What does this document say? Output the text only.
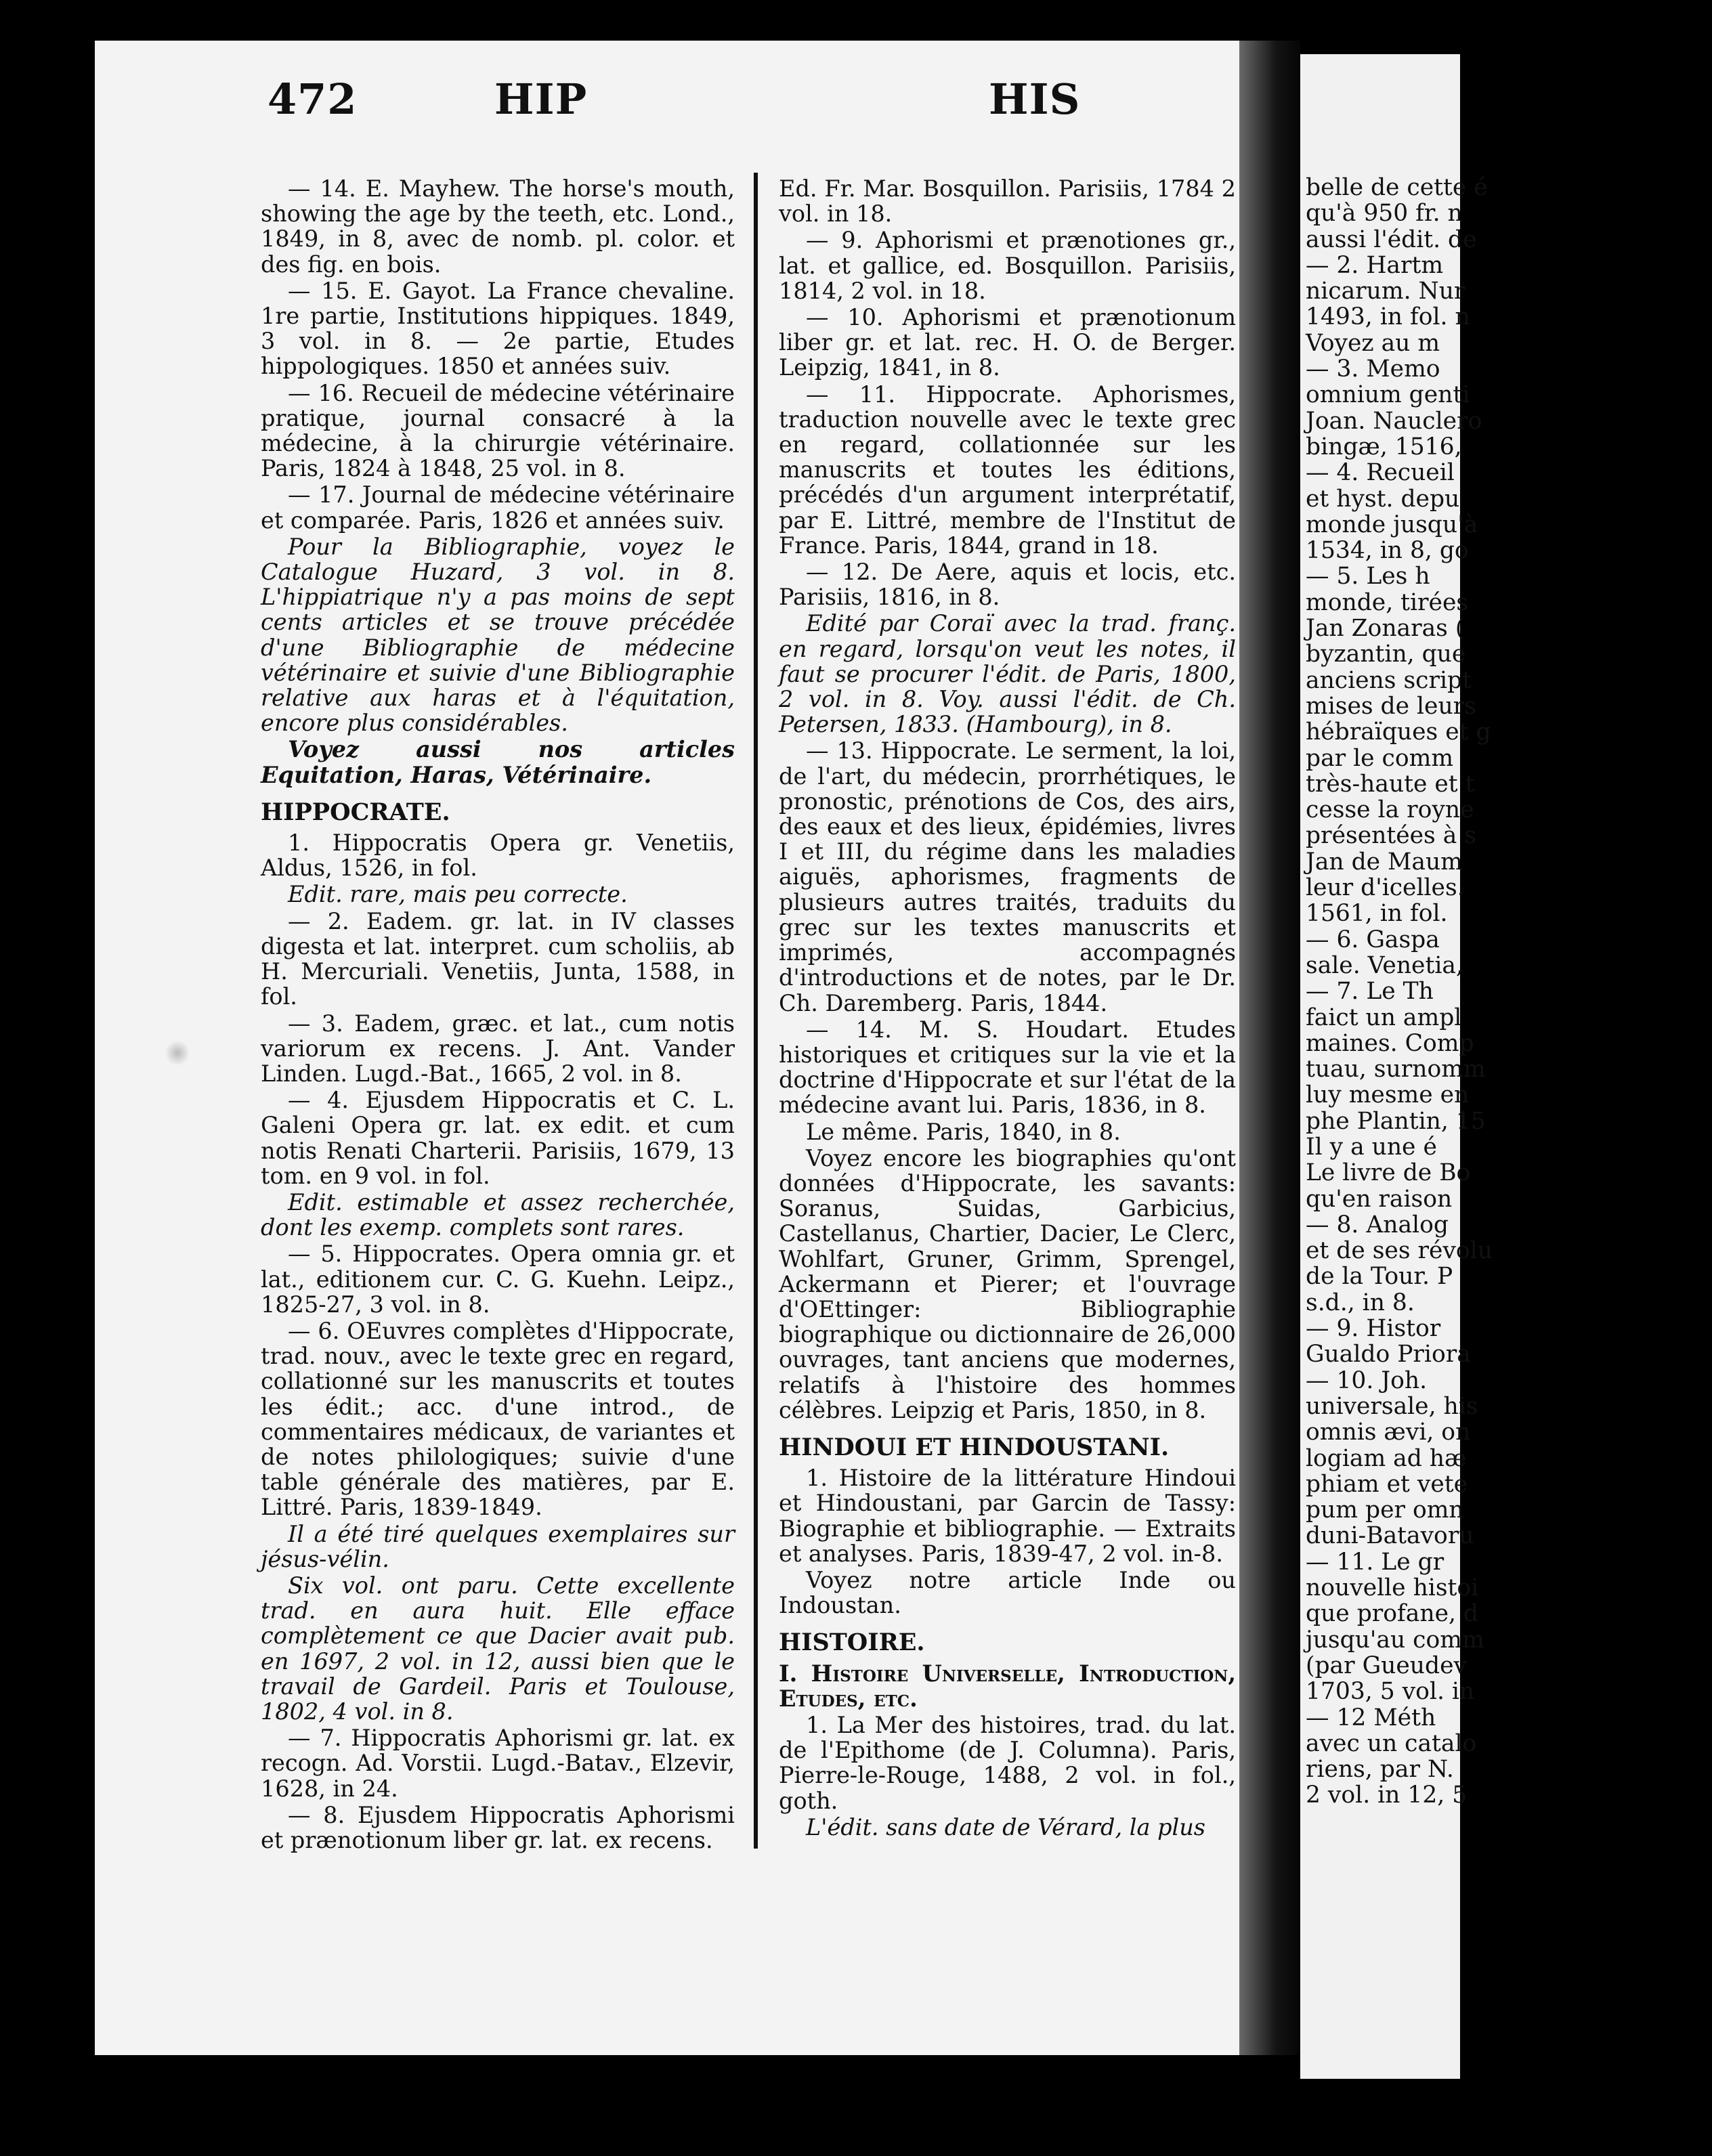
belle de cette é

qu'à 950 fr. n

aussi l'édit. de

— 2. Hartm

nicarum. Nur

1493, in fol. n

Voyez au m

— 3. Memo

omnium genti

Joan. Nauclero

bingæ, 1516,

— 4. Recueil

et hyst. depu

monde jusqu'à

1534, in 8, go

— 5. Les h

monde, tirées

Jan Zonaras (

byzantin, que

anciens script

mises de leurs

hébraïques et g

par le comm

très-haute et t

cesse la royne

présentées à s

Jan de Maum

leur d'icelles.

1561, in fol.

— 6. Gaspa

sale. Venetia,

— 7. Le Th

faict un ampl

maines. Comp

tuau, surnomm

luy mesme en

phe Plantin, 15

Il y a une é

Le livre de Bo

qu'en raison

— 8. Analog

et de ses révolu

de la Tour. P

s.d., in 8.

— 9. Histor

Gualdo Priora

— 10. Joh.

universale, his

omnis ævi, on

logiam ad hæ

phiam et vete

pum per omn

duni-Batavoru

— 11. Le gr

nouvelle histoi

que profane, d

jusqu'au comm

(par Gueudev

1703, 5 vol. in

— 12 Méth

avec un catalo

riens, par N.

2 vol. in 12, 5

472	HIP	HIS

— 14. E. Mayhew. The horse's mouth, showing the age by the teeth, etc. Lond., 1849, in 8, avec de nomb. pl. color. et des fig. en bois.

— 15. E. Gayot. La France chevaline. 1re partie, Institutions hippiques. 1849, 3 vol. in 8. — 2e partie, Etudes hippologiques. 1850 et années suiv.

— 16. Recueil de médecine vétérinaire pratique, journal consacré à la médecine, à la chirurgie vétérinaire. Paris, 1824 à 1848, 25 vol. in 8.

— 17. Journal de médecine vétérinaire et comparée. Paris, 1826 et années suiv.

Pour la Bibliographie, voyez le Catalogue Huzard, 3 vol. in 8. L'hippiatrique n'y a pas moins de sept cents articles et se trouve précédée d'une Bibliographie de médecine vétérinaire et suivie d'une Bibliographie relative aux haras et à l'équitation, encore plus considérables.

Voyez aussi nos articles Equitation, Haras, Vétérinaire.

HIPPOCRATE.

1. Hippocratis Opera gr. Venetiis, Aldus, 1526, in fol.

Edit. rare, mais peu correcte.

— 2. Eadem. gr. lat. in IV classes digesta et lat. interpret. cum scholiis, ab H. Mercuriali. Venetiis, Junta, 1588, in fol.

— 3. Eadem, græc. et lat., cum notis variorum ex recens. J. Ant. Vander Linden. Lugd.-Bat., 1665, 2 vol. in 8.

— 4. Ejusdem Hippocratis et C. L. Galeni Opera gr. lat. ex edit. et cum notis Renati Charterii. Parisiis, 1679, 13 tom. en 9 vol. in fol.

Edit. estimable et assez recherchée, dont les exemp. complets sont rares.

— 5. Hippocrates. Opera omnia gr. et lat., editionem cur. C. G. Kuehn. Leipz., 1825-27, 3 vol. in 8.

— 6. OEuvres complètes d'Hippocrate, trad. nouv., avec le texte grec en regard, collationné sur les manuscrits et toutes les édit.; acc. d'une introd., de commentaires médicaux, de variantes et de notes philologiques; suivie d'une table générale des matières, par E. Littré. Paris, 1839-1849.

Il a été tiré quelques exemplaires sur jésus-vélin.

Six vol. ont paru. Cette excellente trad. en aura huit. Elle efface complètement ce que Dacier avait pub. en 1697, 2 vol. in 12, aussi bien que le travail de Gardeil. Paris et Toulouse, 1802, 4 vol. in 8.

— 7. Hippocratis Aphorismi gr. lat. ex recogn. Ad. Vorstii. Lugd.-Batav., Elzevir, 1628, in 24.

— 8. Ejusdem Hippocratis Aphorismi et prænotionum liber gr. lat. ex recens.

Ed. Fr. Mar. Bosquillon. Parisiis, 1784 2 vol. in 18.

— 9. Aphorismi et prænotiones gr., lat. et gallice, ed. Bosquillon. Parisiis, 1814, 2 vol. in 18.

— 10. Aphorismi et prænotionum liber gr. et lat. rec. H. O. de Berger. Leipzig, 1841, in 8.

— 11. Hippocrate. Aphorismes, traduction nouvelle avec le texte grec en regard, collationnée sur les manuscrits et toutes les éditions, précédés d'un argument interprétatif, par E. Littré, membre de l'Institut de France. Paris, 1844, grand in 18.

— 12. De Aere, aquis et locis, etc. Parisiis, 1816, in 8.

Edité par Coraï avec la trad. franç. en regard, lorsqu'on veut les notes, il faut se procurer l'édit. de Paris, 1800, 2 vol. in 8. Voy. aussi l'édit. de Ch. Petersen, 1833. (Hambourg), in 8.

— 13. Hippocrate. Le serment, la loi, de l'art, du médecin, prorrhétiques, le pronostic, prénotions de Cos, des airs, des eaux et des lieux, épidémies, livres I et III, du régime dans les maladies aiguës, aphorismes, fragments de plusieurs autres traités, traduits du grec sur les textes manuscrits et imprimés, accompagnés d'introductions et de notes, par le Dr. Ch. Daremberg. Paris, 1844.

— 14. M. S. Houdart. Etudes historiques et critiques sur la vie et la doctrine d'Hippocrate et sur l'état de la médecine avant lui. Paris, 1836, in 8.

Le même. Paris, 1840, in 8.

Voyez encore les biographies qu'ont données d'Hippocrate, les savants: Soranus, Suidas, Garbicius, Castellanus, Chartier, Dacier, Le Clerc, Wohlfart, Gruner, Grimm, Sprengel, Ackermann et Pierer; et l'ouvrage d'OEttinger: Bibliographie biographique ou dictionnaire de 26,000 ouvrages, tant anciens que modernes, relatifs à l'histoire des hommes célèbres. Leipzig et Paris, 1850, in 8.

HINDOUI ET HINDOUSTANI.

1. Histoire de la littérature Hindoui et Hindoustani, par Garcin de Tassy: Biographie et bibliographie. — Extraits et analyses. Paris, 1839-47, 2 vol. in-8.

Voyez notre article Inde ou Indoustan.

HISTOIRE.

I. Histoire Universelle, Introduction, Etudes, etc.

1. La Mer des histoires, trad. du lat. de l'Epithome (de J. Columna). Paris, Pierre-le-Rouge, 1488, 2 vol. in fol., goth.

L'édit. sans date de Vérard, la plus
